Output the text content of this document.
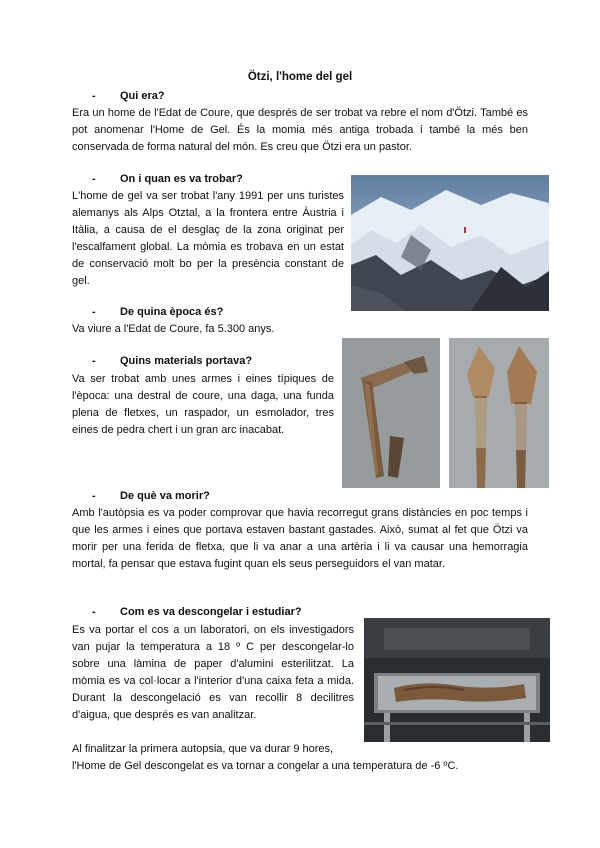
Ötzi, l'home del gel
-	Qui era?
Era un home de l'Edat de Coure, que després de ser trobat va rebre el nom d'Ötzi. També es pot anomenar l'Home de Gel. És la momia més antiga trobada i també la més ben conservada de forma natural del món. Es creu que Ötzi era un pastor.
-	On i quan es va trobar?
L'home de gel va ser trobat l'any 1991 per uns turistes alemanys als Alps Otztal, a la frontera entre Àustria i Itàlia, a causa de el desglaç de la zona originat per l'escalfament global. La mòmia es trobava en un estat de conservació molt bo per la presència constant de gel.
-	De quina època és?
Va viure a l'Edat de Coure, fa 5.300 anys.
-	Quins materials portava?
Va ser trobat amb unes armes i eines típiques de l'època: una destral de coure, una daga, una funda plena de fletxes, un raspador, un esmolador, tres eines de pedra chert i un gran arc inacabat.
-	De què va morir?
Amb l'autòpsia es va poder comprovar que havia recorregut grans distàncies en poc temps i que les armes i eines que portava estaven bastant gastades. Això, sumat al fet que Ötzi va morir per una ferida de fletxa, que li va anar a una artèria i li va causar una hemorragia mortal, fa pensar que estava fugint quan els seus perseguidors el van matar.
-	Com es va descongelar i estudiar?
Es va portar el cos a un laboratori, on els investigadors van pujar la temperatura a 18 º C per descongelar-lo sobre una làmina de paper d'alumini esterilitzat. La mòmia es va col·locar a l'interior d'una caixa feta a mida. Durant la descongelació es van recollir 8 decilitres d'aigua, que després es van analitzar.
Al finalitzar la primera autopsia, que va durar 9 hores,
l'Home de Gel descongelat es va tornar a congelar a una temperatura de -6 ºC.
